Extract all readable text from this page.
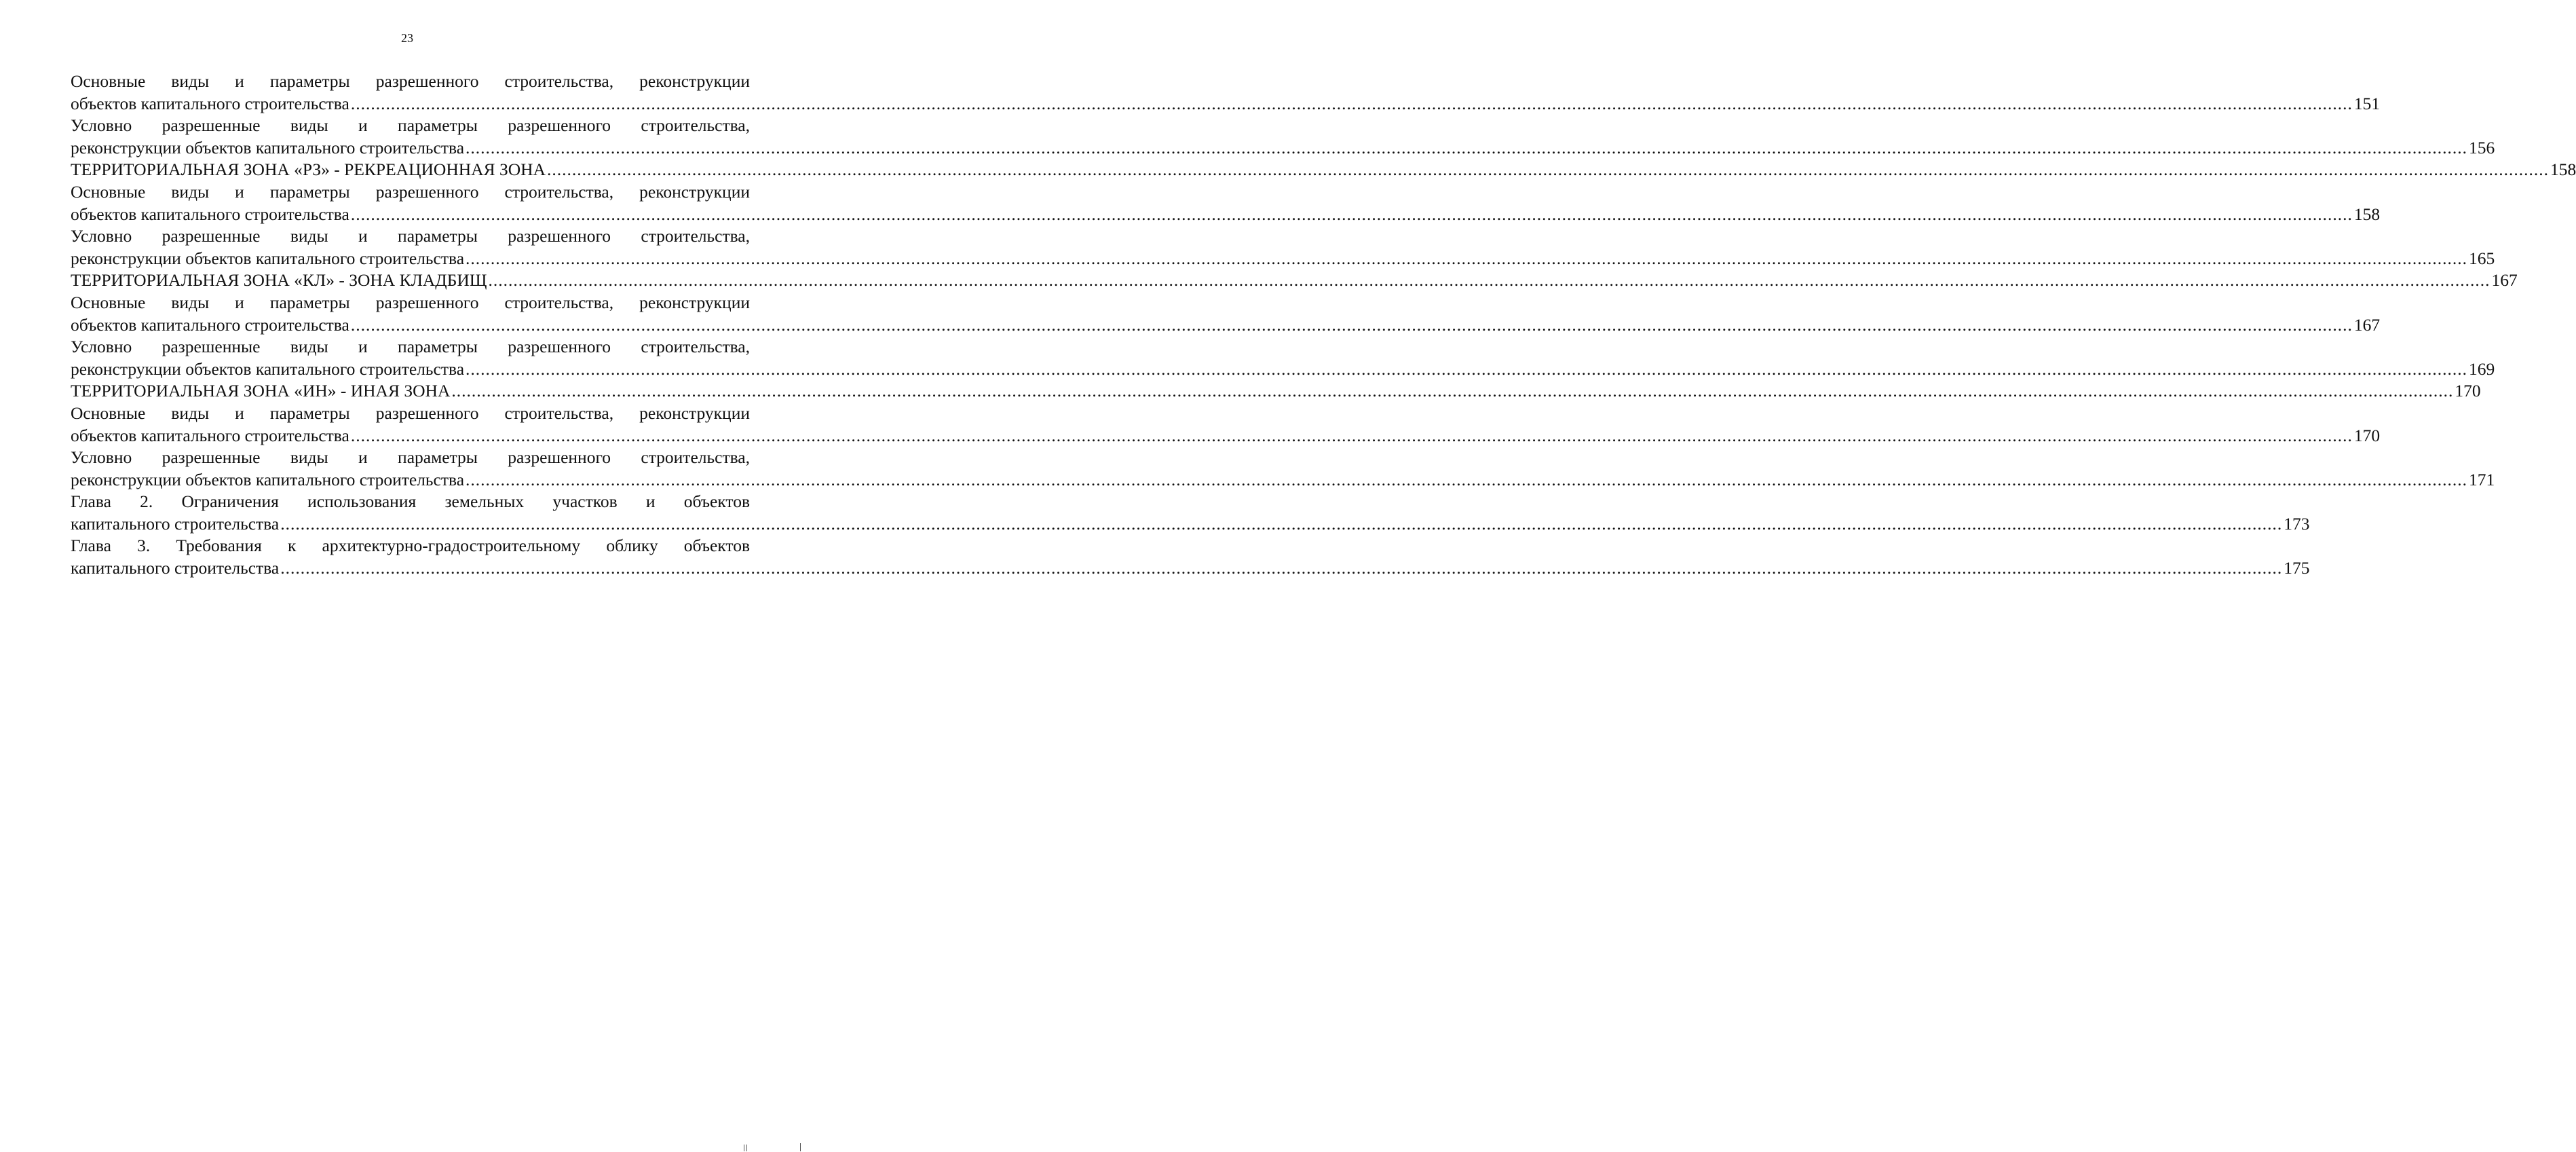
23
Основные виды и параметры разрешенного строительства, реконструкции
объектов капитального строительства ................................................................................................................................................................................................................................................................................................................................................................................................................ 151
Условно разрешенные виды и параметры разрешенного строительства,
реконструкции объектов капитального строительства ................................................................................................................................................................................................................................................................................................................................................................................................................ 156
ТЕРРИТОРИАЛЬНАЯ ЗОНА «РЗ» - РЕКРЕАЦИОННАЯ ЗОНА ................................................................................................................................................................................................................................................................................................................................................................................................................ 158
Основные виды и параметры разрешенного строительства, реконструкции
объектов капитального строительства ................................................................................................................................................................................................................................................................................................................................................................................................................ 158
Условно разрешенные виды и параметры разрешенного строительства,
реконструкции объектов капитального строительства ................................................................................................................................................................................................................................................................................................................................................................................................................ 165
ТЕРРИТОРИАЛЬНАЯ ЗОНА «КЛ» - ЗОНА КЛАДБИЩ ................................................................................................................................................................................................................................................................................................................................................................................................................ 167
Основные виды и параметры разрешенного строительства, реконструкции
объектов капитального строительства ................................................................................................................................................................................................................................................................................................................................................................................................................ 167
Условно разрешенные виды и параметры разрешенного строительства,
реконструкции объектов капитального строительства ................................................................................................................................................................................................................................................................................................................................................................................................................ 169
ТЕРРИТОРИАЛЬНАЯ ЗОНА «ИН» - ИНАЯ ЗОНА ................................................................................................................................................................................................................................................................................................................................................................................................................ 170
Основные виды и параметры разрешенного строительства, реконструкции
объектов капитального строительства ................................................................................................................................................................................................................................................................................................................................................................................................................ 170
Условно разрешенные виды и параметры разрешенного строительства,
реконструкции объектов капитального строительства ................................................................................................................................................................................................................................................................................................................................................................................................................ 171
Глава 2. Ограничения использования земельных участков и объектов
капитального строительства ................................................................................................................................................................................................................................................................................................................................................................................................................ 173
Глава 3. Требования к архитектурно-градостроительному облику объектов
капитального строительства ................................................................................................................................................................................................................................................................................................................................................................................................................ 175
